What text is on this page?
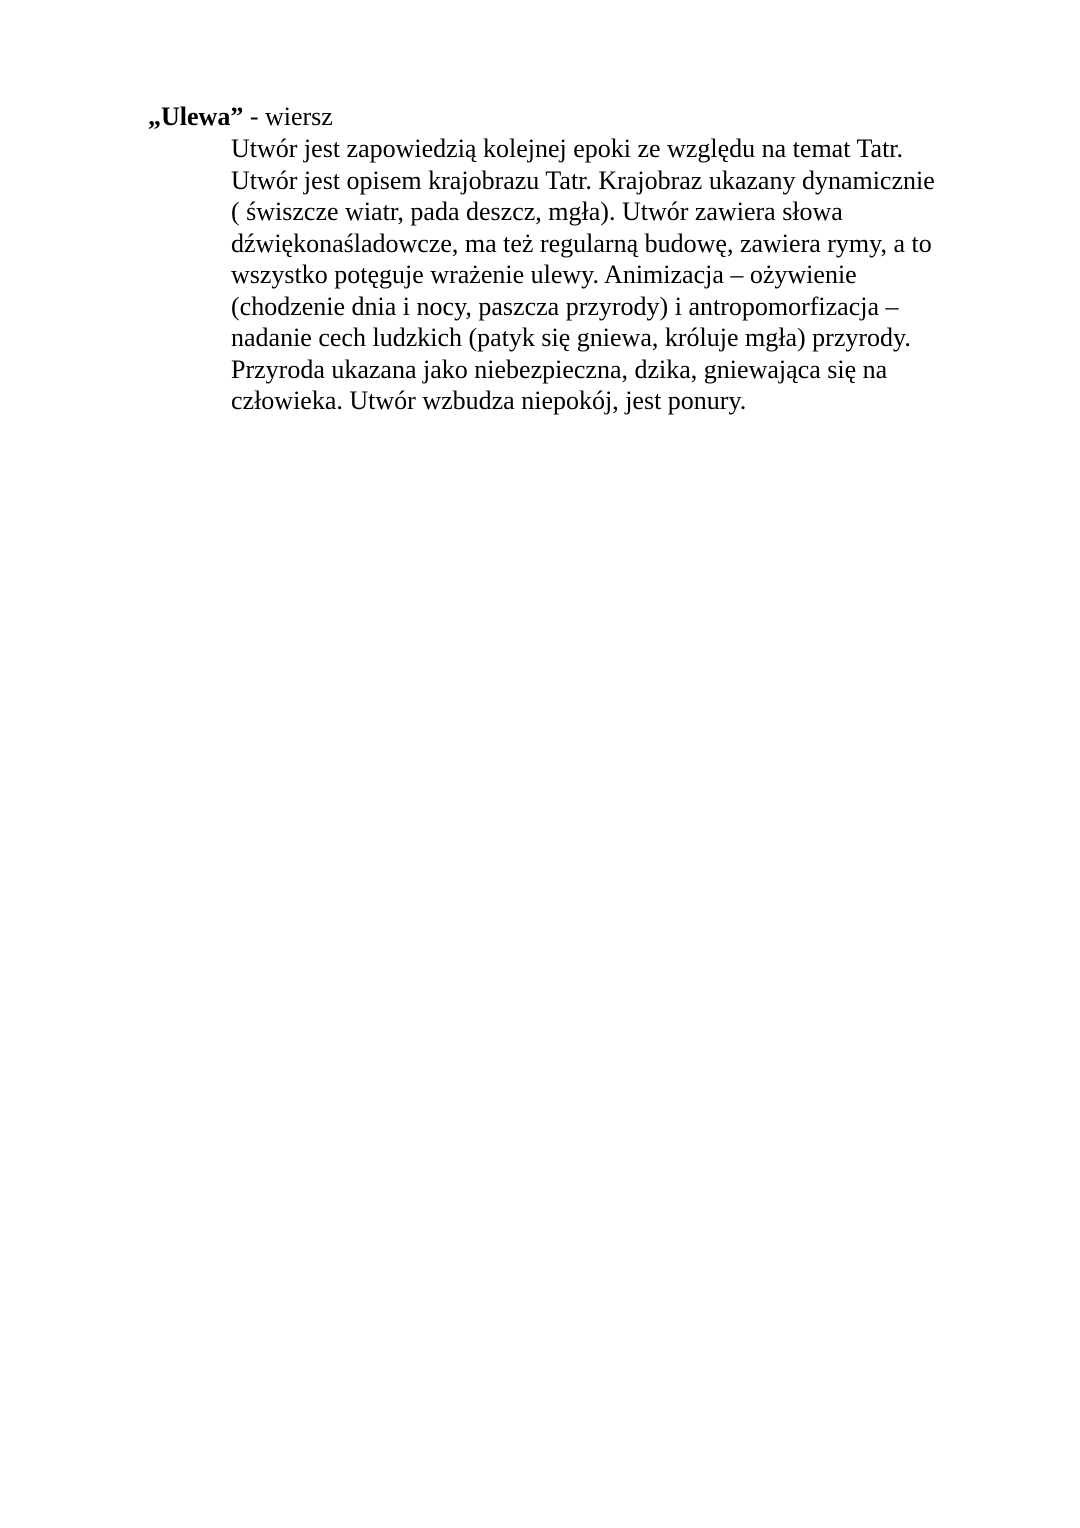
„Ulewa” - wiersz

Utwór jest zapowiedzią kolejnej epoki ze względu na temat Tatr.
Utwór jest opisem krajobrazu Tatr. Krajobraz ukazany dynamicznie
( świszcze wiatr, pada deszcz, mgła). Utwór zawiera słowa
dźwiękonaśladowcze, ma też regularną budowę, zawiera rymy, a to
wszystko potęguje wrażenie ulewy. Animizacja – ożywienie
(chodzenie dnia i nocy, paszcza przyrody) i antropomorfizacja –
nadanie cech ludzkich (patyk się gniewa, króluje mgła) przyrody.
Przyroda ukazana jako niebezpieczna, dzika, gniewająca się na
człowieka. Utwór wzbudza niepokój, jest ponury.
